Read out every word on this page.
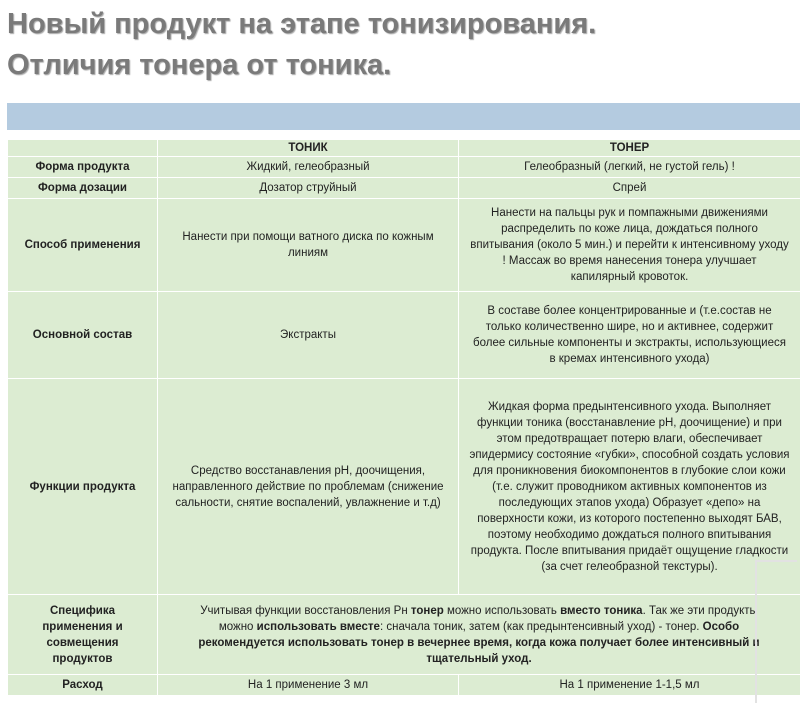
Новый продукт на этапе тонизирования.
Отличия тонера от тоника.
	ТОНИК	ТОНЕР
Форма продукта	Жидкий, гелеобразный	Гелеобразный (легкий, не густой гель) !
Форма дозации	Дозатор струйный	Спрей
Способ применения	Нанести при помощи ватного диска по кожным линиям	Нанести на пальцы рук и помпажными движениями распределить по коже лица, дождаться полного впитывания (около 5 мин.) и перейти к интенсивному уходу ! Массаж во время нанесения тонера улучшает капилярный кровоток.
Основной состав	Экстракты	В составе более концентрированные и (т.е.состав не только количественно шире, но и активнее, содержит более сильные компоненты и экстракты, использующиеся в кремах интенсивного ухода)
Функции продукта	Средство восстанавления рН, доочищения, направленного действие по проблемам (снижение сальности, снятие воспалений, увлажнение и т.д)	Жидкая форма предынтенсивного ухода. Выполняет функции тоника (восстанавление рН, доочищение) и при этом предотвращает потерю влаги, обеспечивает эпидермису состояние «губки», способной создать условия для проникновения биокомпонентов в глубокие слои кожи (т.е. служит проводником активных компонентов из последующих этапов ухода) Образует «депо» на поверхности кожи, из которого постепенно выходят БАВ, поэтому необходимо дождаться полного впитывания продукта. После впитывания придаёт ощущение гладкости (за счет гелеобразной текстуры).
Специфика применения и совмещения продуктов	Учитывая функции восстановления Рн тонер можно использовать вместо тоника. Так же эти продукты можно использовать вместе: сначала тоник, затем (как предынтенсивный уход) - тонер. Особо рекомендуется использовать тонер в вечернее время, когда кожа получает более интенсивный и тщательный уход.	
Расход	На 1 применение 3 мл	На 1 применение 1-1,5 мл
